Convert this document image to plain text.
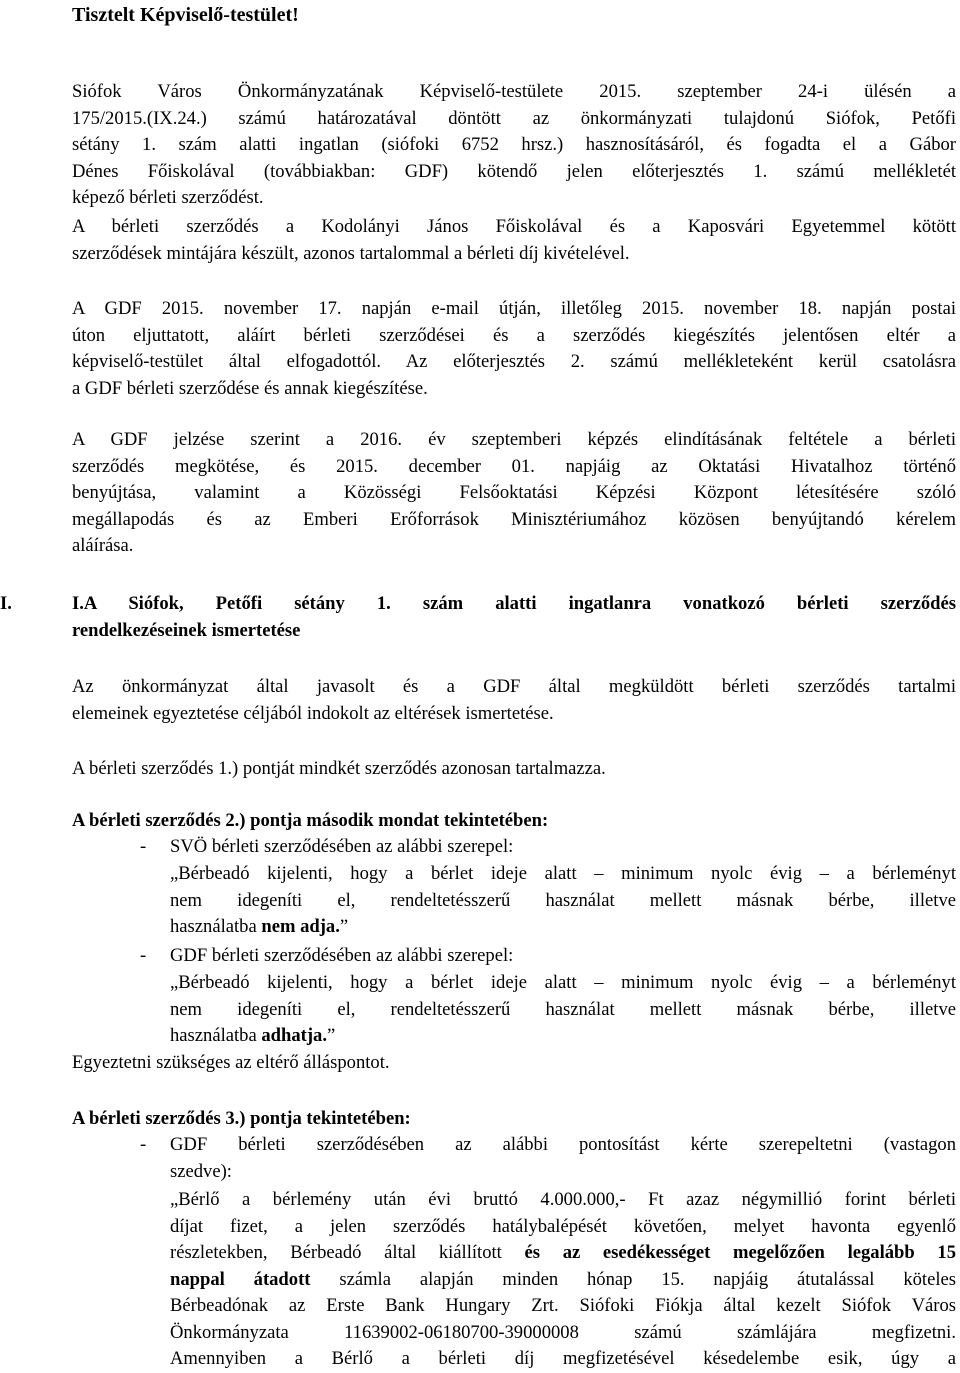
Tisztelt Képviselő-testület!
Siófok Város Önkormányzatának Képviselő-testülete 2015. szeptember 24-i ülésén a
175/2015.(IX.24.) számú határozatával döntött az önkormányzati tulajdonú Siófok, Petőfi
sétány 1. szám alatti ingatlan (siófoki 6752 hrsz.) hasznosításáról, és fogadta el a Gábor
Dénes Főiskolával (továbbiakban: GDF) kötendő jelen előterjesztés 1. számú mellékletét
képező bérleti szerződést.
A bérleti szerződés a Kodolányi János Főiskolával és a Kaposvári Egyetemmel kötött
szerződések mintájára készült, azonos tartalommal a bérleti díj kivételével.
A GDF 2015. november 17. napján e-mail útján, illetőleg 2015. november 18. napján postai
úton eljuttatott, aláírt bérleti szerződései és a szerződés kiegészítés jelentősen eltér a
képviselő-testület által elfogadottól. Az előterjesztés 2. számú mellékleteként kerül csatolásra
a GDF bérleti szerződése és annak kiegészítése.
A GDF jelzése szerint a 2016. év szeptemberi képzés elindításának feltétele a bérleti
szerződés megkötése, és 2015. december 01. napjáig az Oktatási Hivatalhoz történő
benyújtása, valamint a Közösségi Felsőoktatási Képzési Központ létesítésére szóló
megállapodás és az Emberi Erőforrások Minisztériumához közösen benyújtandó kérelem
aláírása.
I.	I.A Siófok, Petőfi sétány 1. szám alatti ingatlanra vonatkozó bérleti szerződés
rendelkezéseinek ismertetése
Az önkormányzat által javasolt és a GDF által megküldött bérleti szerződés tartalmi
elemeinek egyeztetése céljából indokolt az eltérések ismertetése.
A bérleti szerződés 1.) pontját mindkét szerződés azonosan tartalmazza.
A bérleti szerződés 2.) pontja második mondat tekintetében:
- SVÖ bérleti szerződésében az alábbi szerepel:
„Bérbeadó kijelenti, hogy a bérlet ideje alatt – minimum nyolc évig – a bérleményt
nem idegeníti el, rendeltetésszerű használat mellett másnak bérbe, illetve
használatba nem adja.”
- GDF bérleti szerződésében az alábbi szerepel:
„Bérbeadó kijelenti, hogy a bérlet ideje alatt – minimum nyolc évig – a bérleményt
nem idegeníti el, rendeltetésszerű használat mellett másnak bérbe, illetve
használatba adhatja.”
Egyeztetni szükséges az eltérő álláspontot.
A bérleti szerződés 3.) pontja tekintetében:
- GDF bérleti szerződésében az alábbi pontosítást kérte szerepeltetni (vastagon
szedve):
„Bérlő a bérlemény után évi bruttó 4.000.000,- Ft azaz négymillió forint bérleti
díjat fizet, a jelen szerződés hatálybalépését követően, melyet havonta egyenlő
részletekben, Bérbeadó által kiállított és az esedékességet megelőzően legalább 15
nappal átadott számla alapján minden hónap 15. napjáig átutalással köteles
Bérbeadónak az Erste Bank Hungary Zrt. Siófoki Fiókja által kezelt Siófok Város
Önkormányzata 11639002-06180700-39000008 számú számlájára megfizetni.
Amennyiben a Bérlő a bérleti díj megfizetésével késedelembe esik, úgy a
